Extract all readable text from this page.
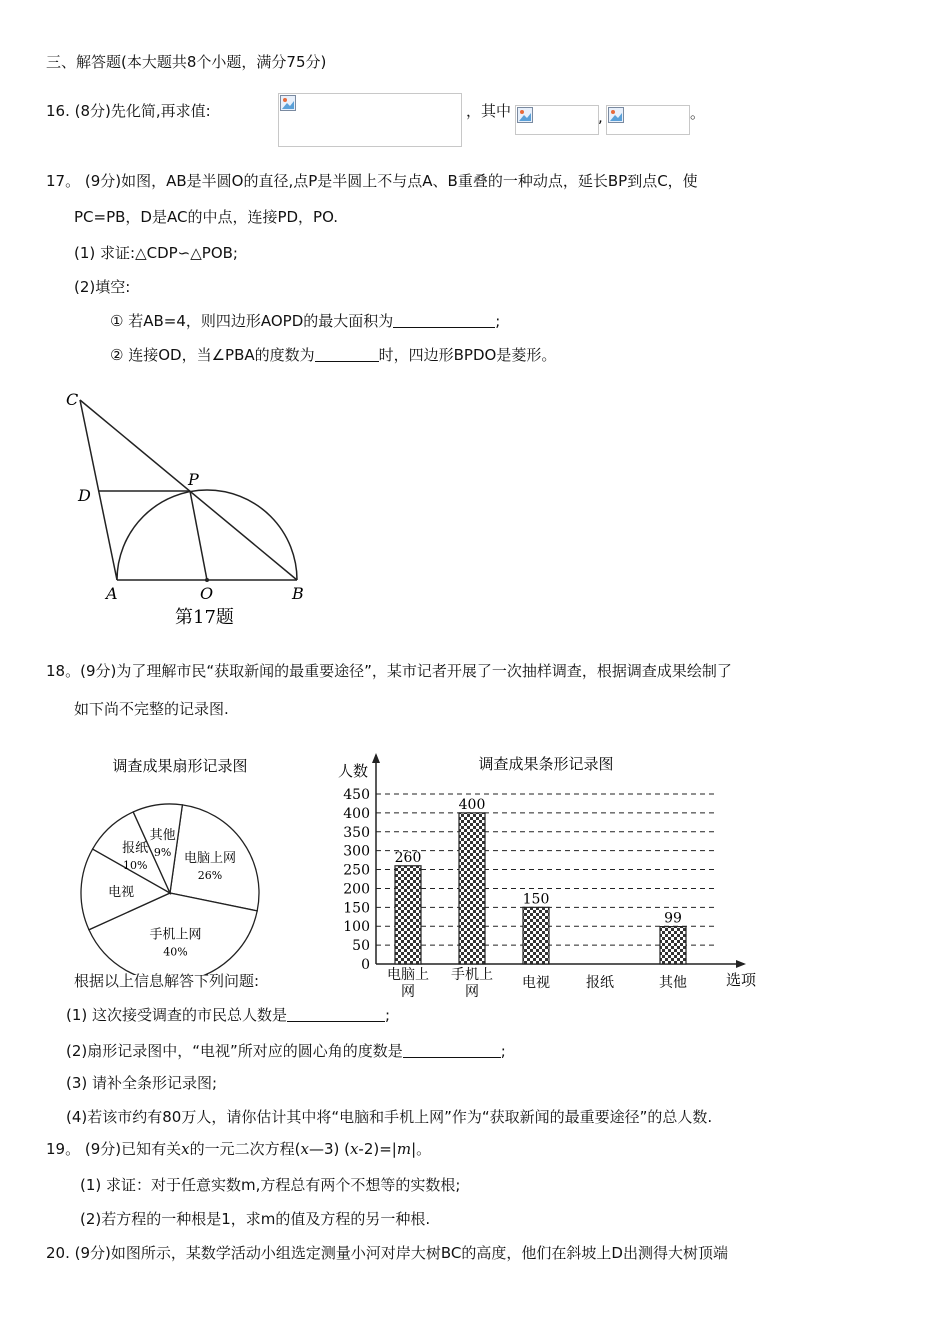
三、解答题(本大题共8个小题，满分75分)
16. (8分)先化简,再求值:	，其中	,	。
17。 (9分)如图，AB是半圆O的直径,点P是半圆上不与点A、B重叠的一种动点，延长BP到点C，使
PC=PB，D是AC的中点，连接PD，PO.
(1) 求证:△CDP∽△POB;
(2)填空:
① 若AB=4，则四边形AOPD的最大面积为	;
② 连接OD，当∠PBA的度数为	时，四边形BPDO是菱形。
C
D
P
A	O	B
第17题
18。(9分)为了理解市民“获取新闻的最重要途径”，某市记者开展了一次抽样调查，根据调查成果绘制了
如下尚不完整的记录图.
调查成果扇形记录图
电脑上网
26%
手机上网
40%
电视
报纸
10%
其他
9%
调查成果条形记录图
人数
选项
0
50
100
150
200
250
300
350
400
450
260
电脑上
网
400
手机上
网
150
电视	报纸
99
其他
根据以上信息解答下列问题:
(1) 这次接受调查的市民总人数是	;
(2)扇形记录图中，“电视”所对应的圆心角的度数是	;
(3) 请补全条形记录图;
(4)若该市约有80万人，请你估计其中将“电脑和手机上网”作为“获取新闻的最重要途径”的总人数.
19。 (9分)已知有关x的一元二次方程(x—3) (x-2)=|m|。
(1) 求证：对于任意实数m,方程总有两个不想等的实数根;
(2)若方程的一种根是1，求m的值及方程的另一种根.
20. (9分)如图所示，某数学活动小组选定测量小河对岸大树BC的高度，他们在斜坡上D出测得大树顶端
